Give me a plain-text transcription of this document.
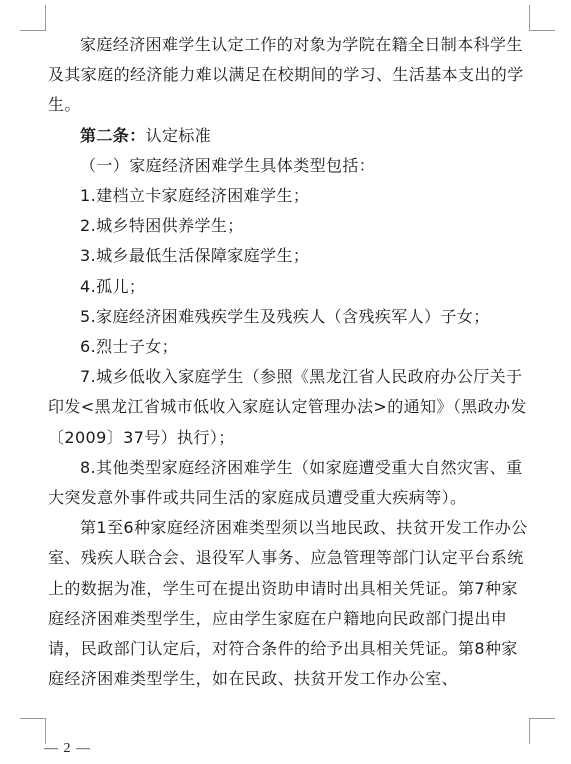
家庭经济困难学生认定工作的对象为学院在籍全日制本科学生及其家庭的经济能力难以满足在校期间的学习、生活基本支出的学生。

第二条：认定标准

（一）家庭经济困难学生具体类型包括：

1.建档立卡家庭经济困难学生；

2.城乡特困供养学生；

3.城乡最低生活保障家庭学生；

4.孤儿；

5.家庭经济困难残疾学生及残疾人（含残疾军人）子女；

6.烈士子女；

7.城乡低收入家庭学生（参照《黑龙江省人民政府办公厅关于印发<黑龙江省城市低收入家庭认定管理办法>的通知》（黑政办发〔2009〕37号）执行）；

8.其他类型家庭经济困难学生（如家庭遭受重大自然灾害、重大突发意外事件或共同生活的家庭成员遭受重大疾病等）。

第1至6种家庭经济困难类型须以当地民政、扶贫开发工作办公室、残疾人联合会、退役军人事务、应急管理等部门认定平台系统上的数据为准，学生可在提出资助申请时出具相关凭证。第7种家庭经济困难类型学生，应由学生家庭在户籍地向民政部门提出申请，民政部门认定后，对符合条件的给予出具相关凭证。第8种家庭经济困难类型学生，如在民政、扶贫开发工作办公室、

— 2 —
